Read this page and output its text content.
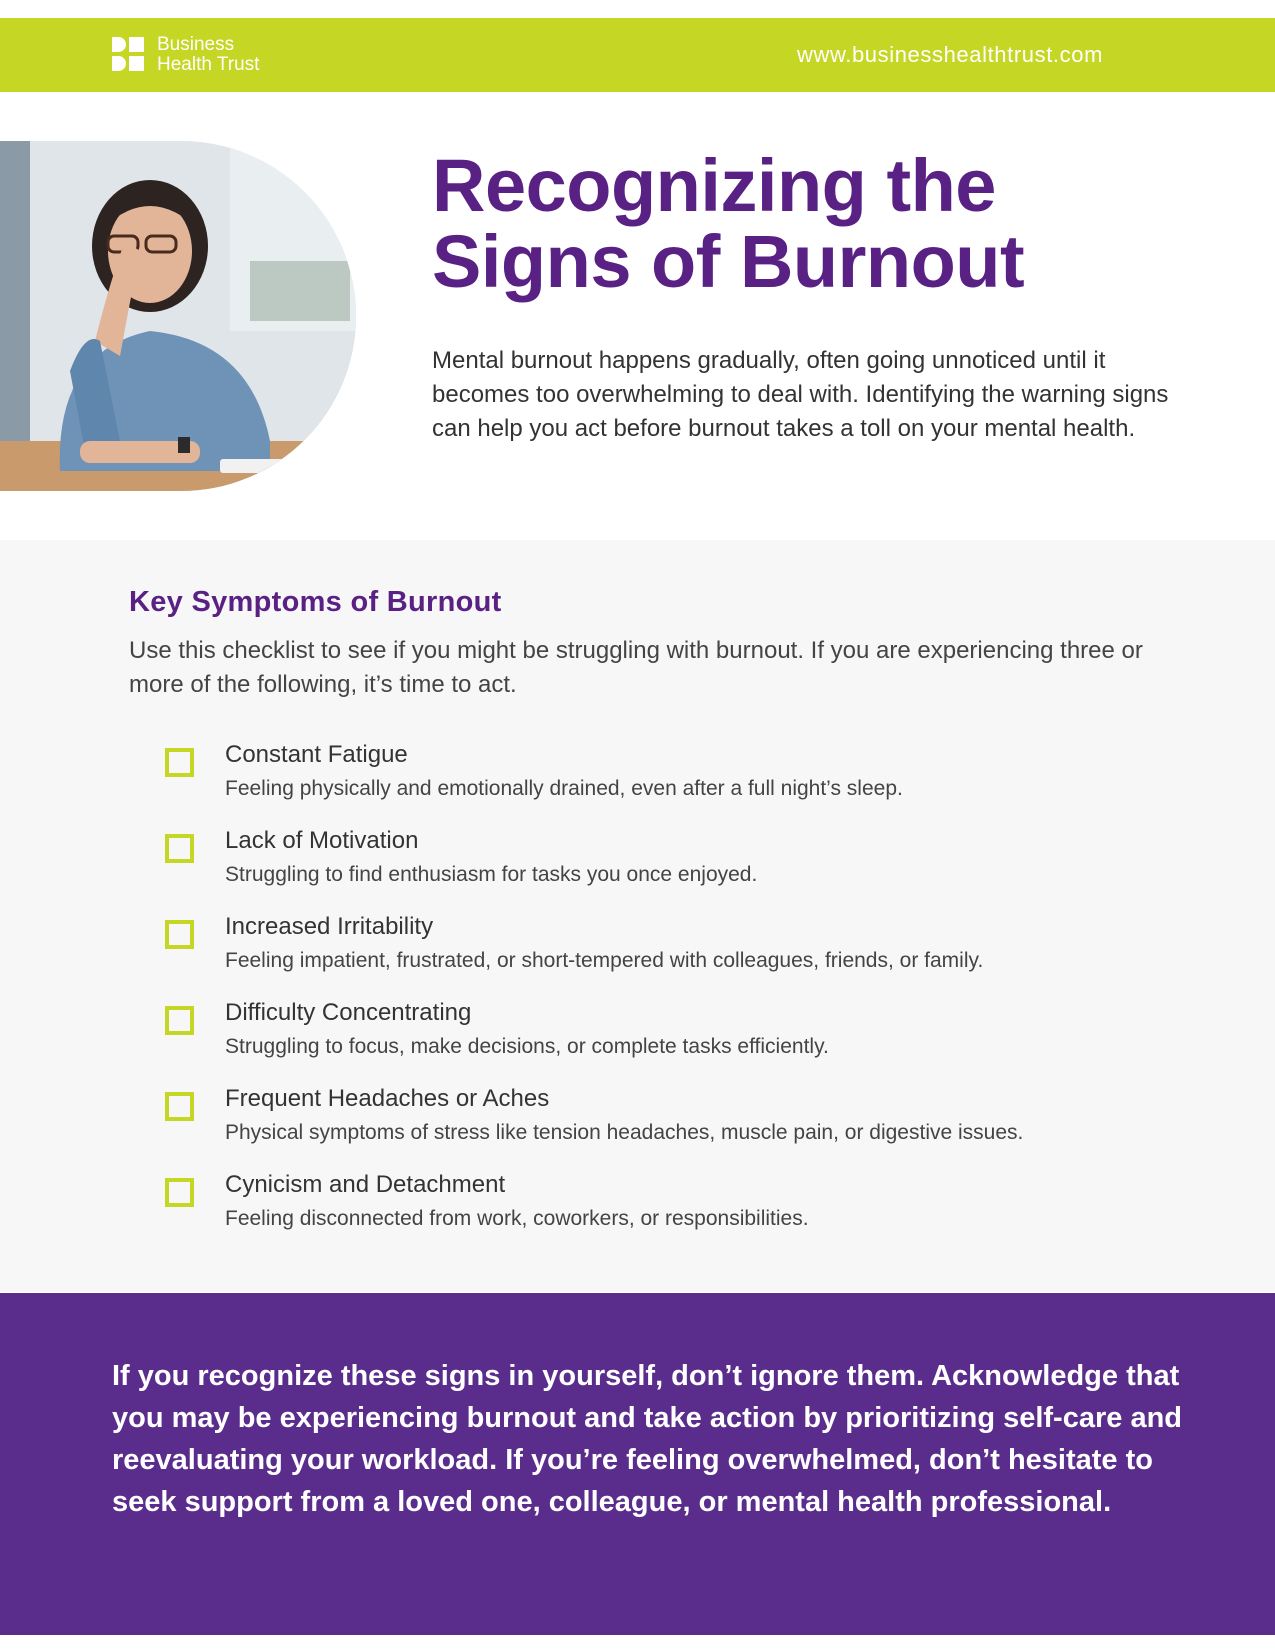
Business
Health Trust	www.businesshealthtrust.com
Recognizing the Signs of Burnout

Mental burnout happens gradually, often going unnoticed until it becomes too overwhelming to deal with. Identifying the warning signs can help you act before burnout takes a toll on your mental health.

Key Symptoms of Burnout

Use this checklist to see if you might be struggling with burnout. If you are experiencing three or more of the following, it’s time to act.

Constant Fatigue
Feeling physically and emotionally drained, even after a full night’s sleep.
Lack of Motivation
Struggling to find enthusiasm for tasks you once enjoyed.
Increased Irritability
Feeling impatient, frustrated, or short-tempered with colleagues, friends, or family.
Difficulty Concentrating
Struggling to focus, make decisions, or complete tasks efficiently.
Frequent Headaches or Aches
Physical symptoms of stress like tension headaches, muscle pain, or digestive issues.
Cynicism and Detachment
Feeling disconnected from work, coworkers, or responsibilities.

If you recognize these signs in yourself, don’t ignore them. Acknowledge that you may be experiencing burnout and take action by prioritizing self-care and reevaluating your workload. If you’re feeling overwhelmed, don’t hesitate to seek support from a loved one, colleague, or mental health professional.
